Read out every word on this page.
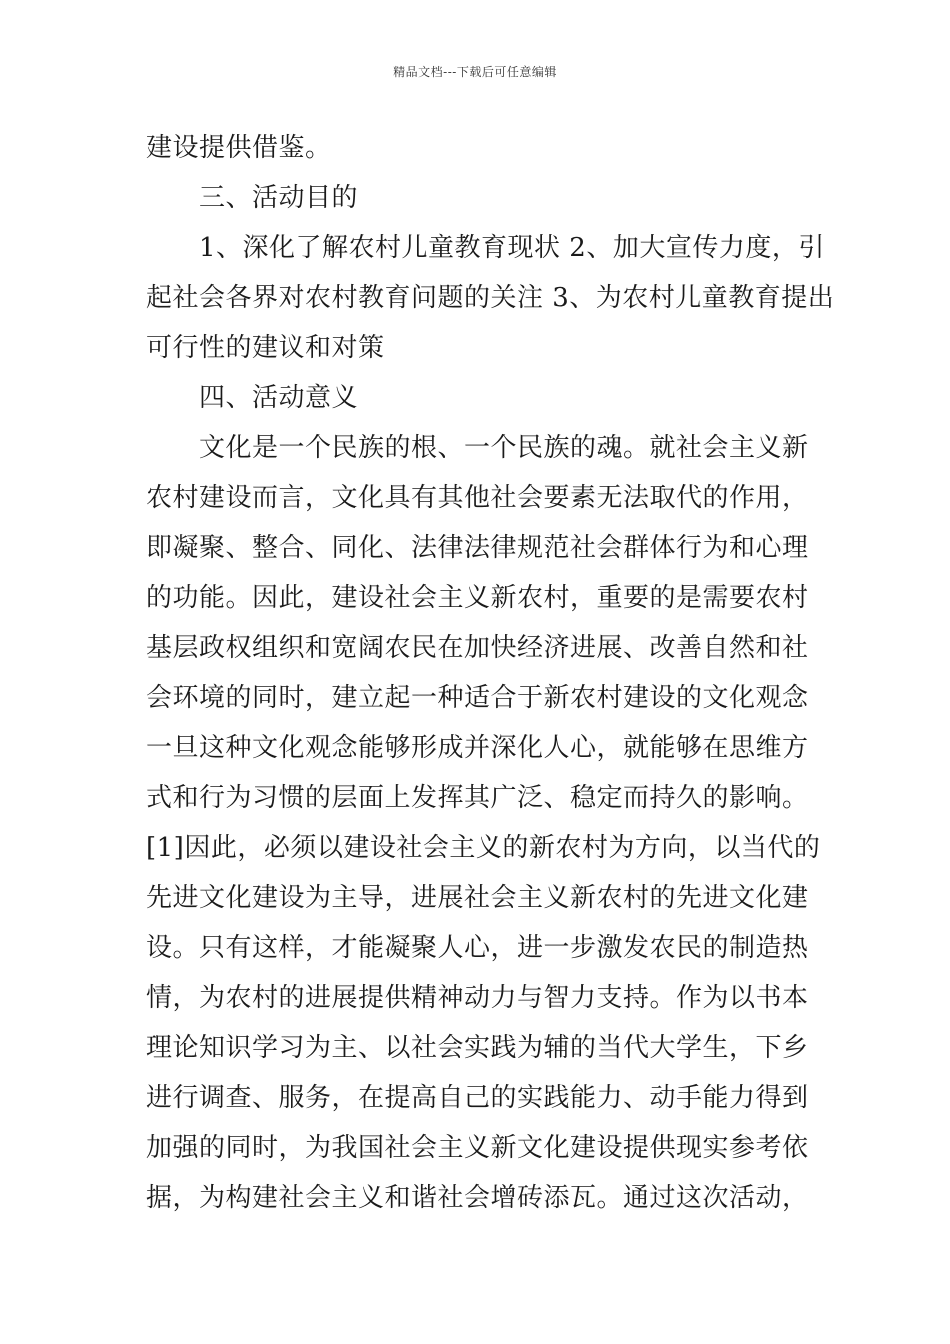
精品文档---下载后可任意编辑
建设提供借鉴。
　　三、活动目的
　　1、深化了解农村儿童教育现状 2、加大宣传力度，引
起社会各界对农村教育问题的关注 3、为农村儿童教育提出
可行性的建议和对策
　　四、活动意义
　　文化是一个民族的根、一个民族的魂。就社会主义新
农村建设而言，文化具有其他社会要素无法取代的作用，
即凝聚、整合、同化、法律法律规范社会群体行为和心理
的功能。因此，建设社会主义新农村，重要的是需要农村
基层政权组织和宽阔农民在加快经济进展、改善自然和社
会环境的同时，建立起一种适合于新农村建设的文化观念
一旦这种文化观念能够形成并深化人心，就能够在思维方
式和行为习惯的层面上发挥其广泛、稳定而持久的影响。
[1]因此，必须以建设社会主义的新农村为方向，以当代的
先进文化建设为主导，进展社会主义新农村的先进文化建
设。只有这样，才能凝聚人心，进一步激发农民的制造热
情，为农村的进展提供精神动力与智力支持。作为以书本
理论知识学习为主、以社会实践为辅的当代大学生，下乡
进行调查、服务，在提高自己的实践能力、动手能力得到
加强的同时，为我国社会主义新文化建设提供现实参考依
据，为构建社会主义和谐社会增砖添瓦。通过这次活动，
